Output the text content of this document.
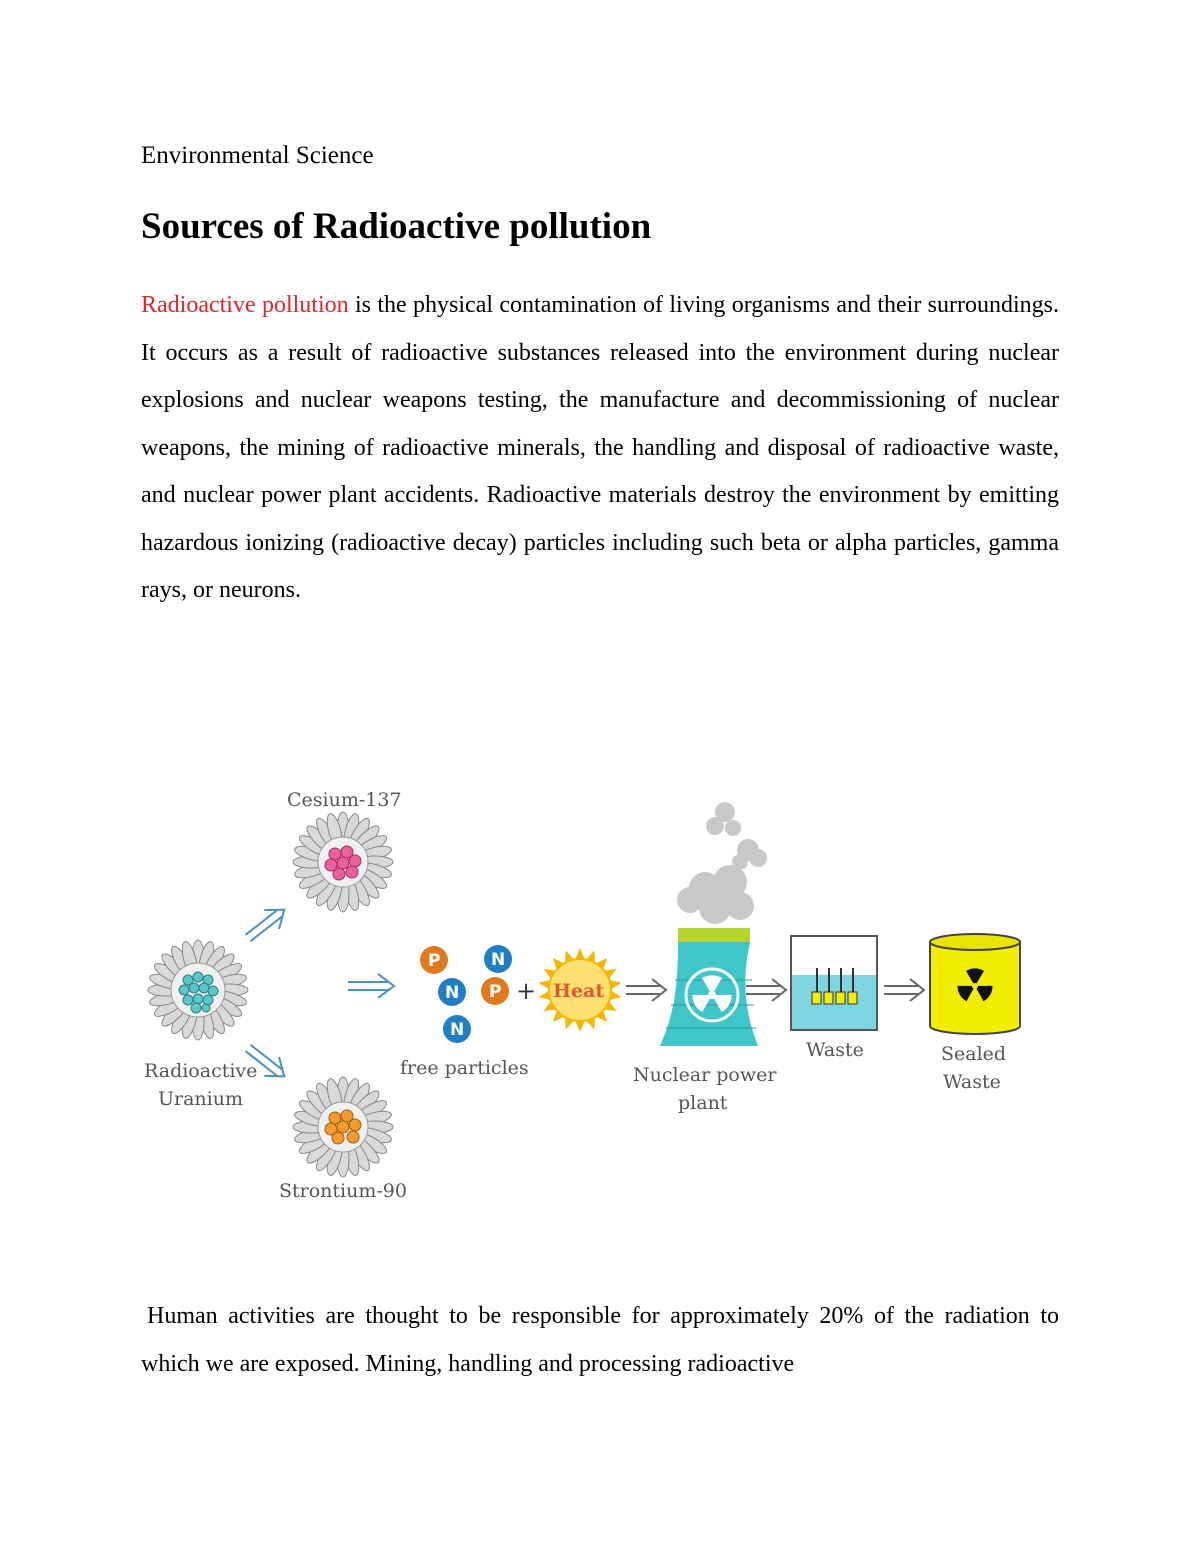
Environmental Science
Sources of Radioactive pollution

Radioactive pollution is the physical contamination of living organisms and their surroundings. It occurs as a result of radioactive substances released into the environment during nuclear explosions and nuclear weapons testing, the manufacture and decommissioning of nuclear weapons, the mining of radioactive minerals, the handling and disposal of radioactive waste, and nuclear power plant accidents. Radioactive materials destroy the environment by emitting hazardous ionizing (radioactive decay) particles including such beta or alpha particles, gamma rays, or neurons.

Cesium-137
Radioactive
Uranium
Strontium-90
P	N
N P
N
+
free particles
Heat
Nuclear power
plant
Waste	Sealed
Waste

Human activities are thought to be responsible for approximately 20% of the radiation to which we are exposed. Mining, handling and processing radioactive
